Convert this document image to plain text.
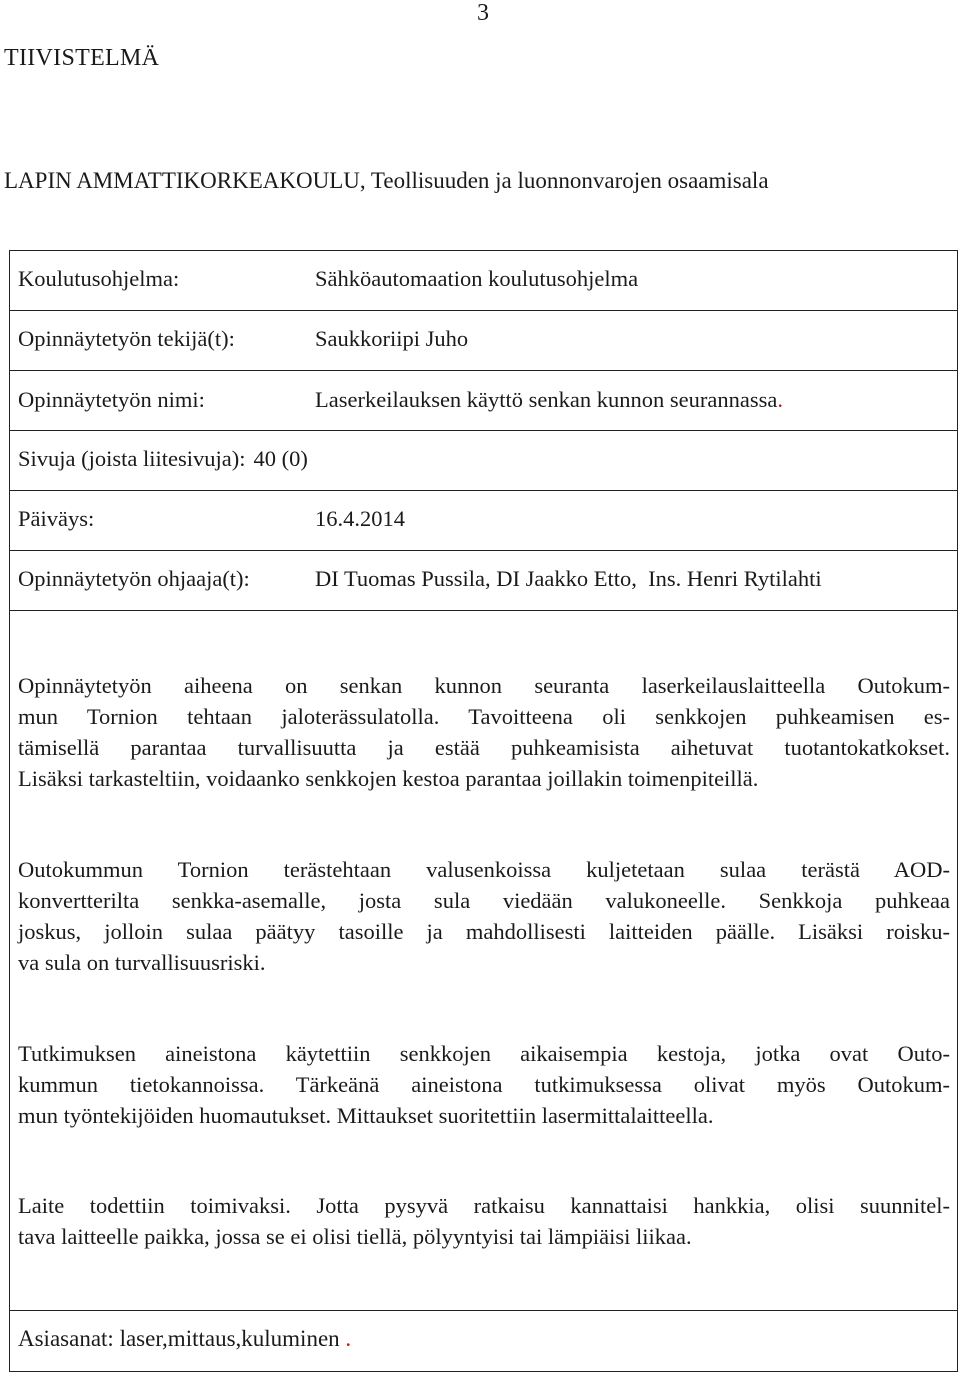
3
TIIVISTELMÄ
LAPIN AMMATTIKORKEAKOULU, Teollisuuden ja luonnonvarojen osaamisala
Koulutusohjelma:	Sähköautomaation koulutusohjelma
Opinnäytetyön tekijä(t):	Saukkoriipi Juho
Opinnäytetyön nimi:	Laserkeilauksen käyttö senkan kunnon seurannassa.
Sivuja (joista liitesivuja): 40 (0)
Päiväys:	16.4.2014
Opinnäytetyön ohjaaja(t):	DI Tuomas Pussila, DI Jaakko Etto,  Ins. Henri Rytilahti
Opinnäytetyön aiheena on senkan kunnon seuranta laserkeilauslaitteella Outokum-
mun Tornion tehtaan jaloterässulatolla. Tavoitteena oli senkkojen puhkeamisen es-
tämisellä parantaa turvallisuutta ja estää puhkeamisista aihetuvat tuotantokatkokset.
Lisäksi tarkasteltiin, voidaanko senkkojen kestoa parantaa joillakin toimenpiteillä.
Outokummun Tornion terästehtaan valusenkoissa kuljetetaan sulaa terästä AOD-
konvertterilta senkka-asemalle, josta sula viedään valukoneelle. Senkkoja puhkeaa
joskus, jolloin sulaa päätyy tasoille ja mahdollisesti laitteiden päälle. Lisäksi roisku-
va sula on turvallisuusriski.
Tutkimuksen aineistona käytettiin senkkojen aikaisempia kestoja, jotka ovat Outo-
kummun tietokannoissa. Tärkeänä aineistona tutkimuksessa olivat myös Outokum-
mun työntekijöiden huomautukset. Mittaukset suoritettiin lasermittalaitteella.
Laite todettiin toimivaksi. Jotta pysyvä ratkaisu kannattaisi hankkia, olisi suunnitel-
tava laitteelle paikka, jossa se ei olisi tiellä, pölyyntyisi tai lämpiäisi liikaa.
Asiasanat: laser,mittaus,kuluminen .
